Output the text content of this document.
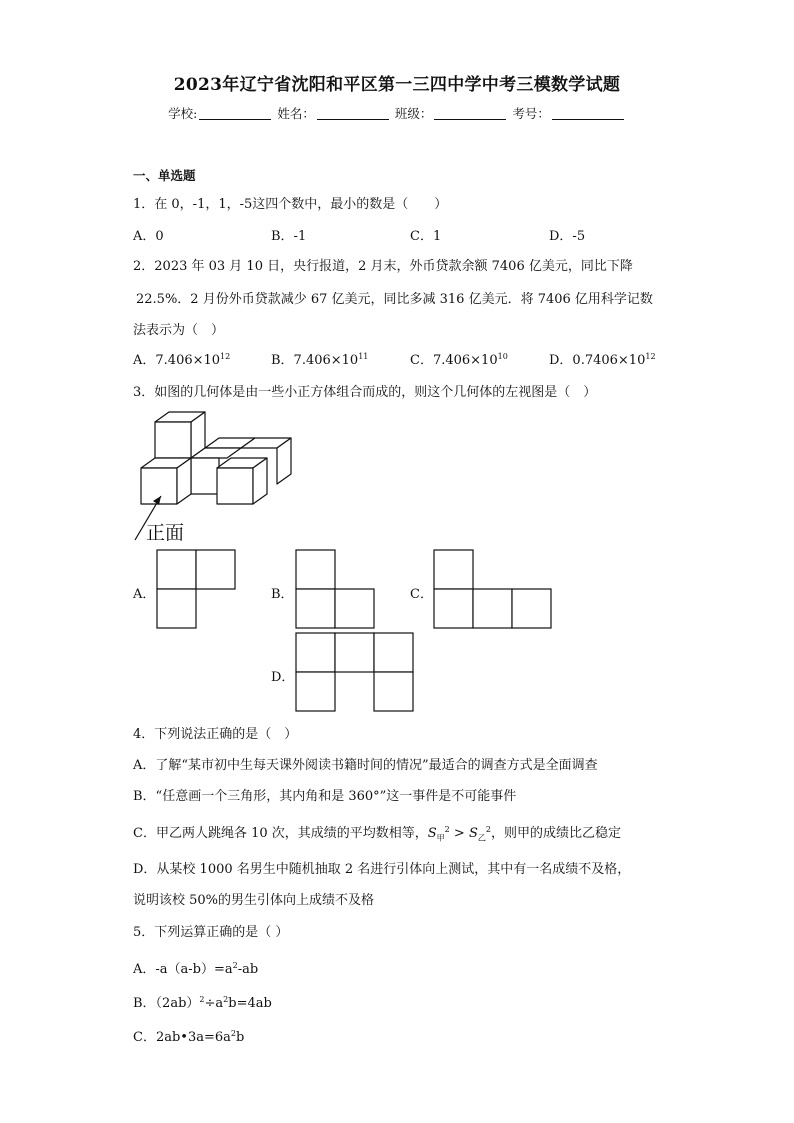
2023年辽宁省沈阳和平区第一三四中学中考三模数学试题
学校:	姓名：	班级：	考号：
一、单选题
1．在 0，-1，1，-5这四个数中，最小的数是（　　）
A．0	B．-1	C．1	D．-5
2．2023 年 03 月 10 日，央行报道，2 月末，外币贷款余额 7406 亿美元，同比下降
22.5%．2 月份外币贷款减少 67 亿美元，同比多减 316 亿美元．将 7406 亿用科学记数
法表示为（　）
A．$7.406\times 10^{12}$	B．$7.406\times 10^{11}$	C．$7.406\times 10^{10}$	D．$0.7406\times 10^{12}$
3．如图的几何体是由一些小正方体组合而成的，则这个几何体的左视图是（　）
正面
A．	B．	C．
D．
4．下列说法正确的是（　）
A．了解“某市初中生每天课外阅读书籍时间的情况”最适合的调查方式是全面调查
B．“任意画一个三角形，其内角和是 360°”这一事件是不可能事件
C．甲乙两人跳绳各 10 次，其成绩的平均数相等，$S_甲^2 > S_乙^2$，则甲的成绩比乙稳定
D．从某校 1000 名男生中随机抽取 2 名进行引体向上测试，其中有一名成绩不及格，
说明该校 50%的男生引体向上成绩不及格
5．下列运算正确的是（ ）
A．$-a(a-b)=a^2-ab$
B．$(2ab)^2\div a^2b=4ab$
C．$2ab•3a=6a^2b$
